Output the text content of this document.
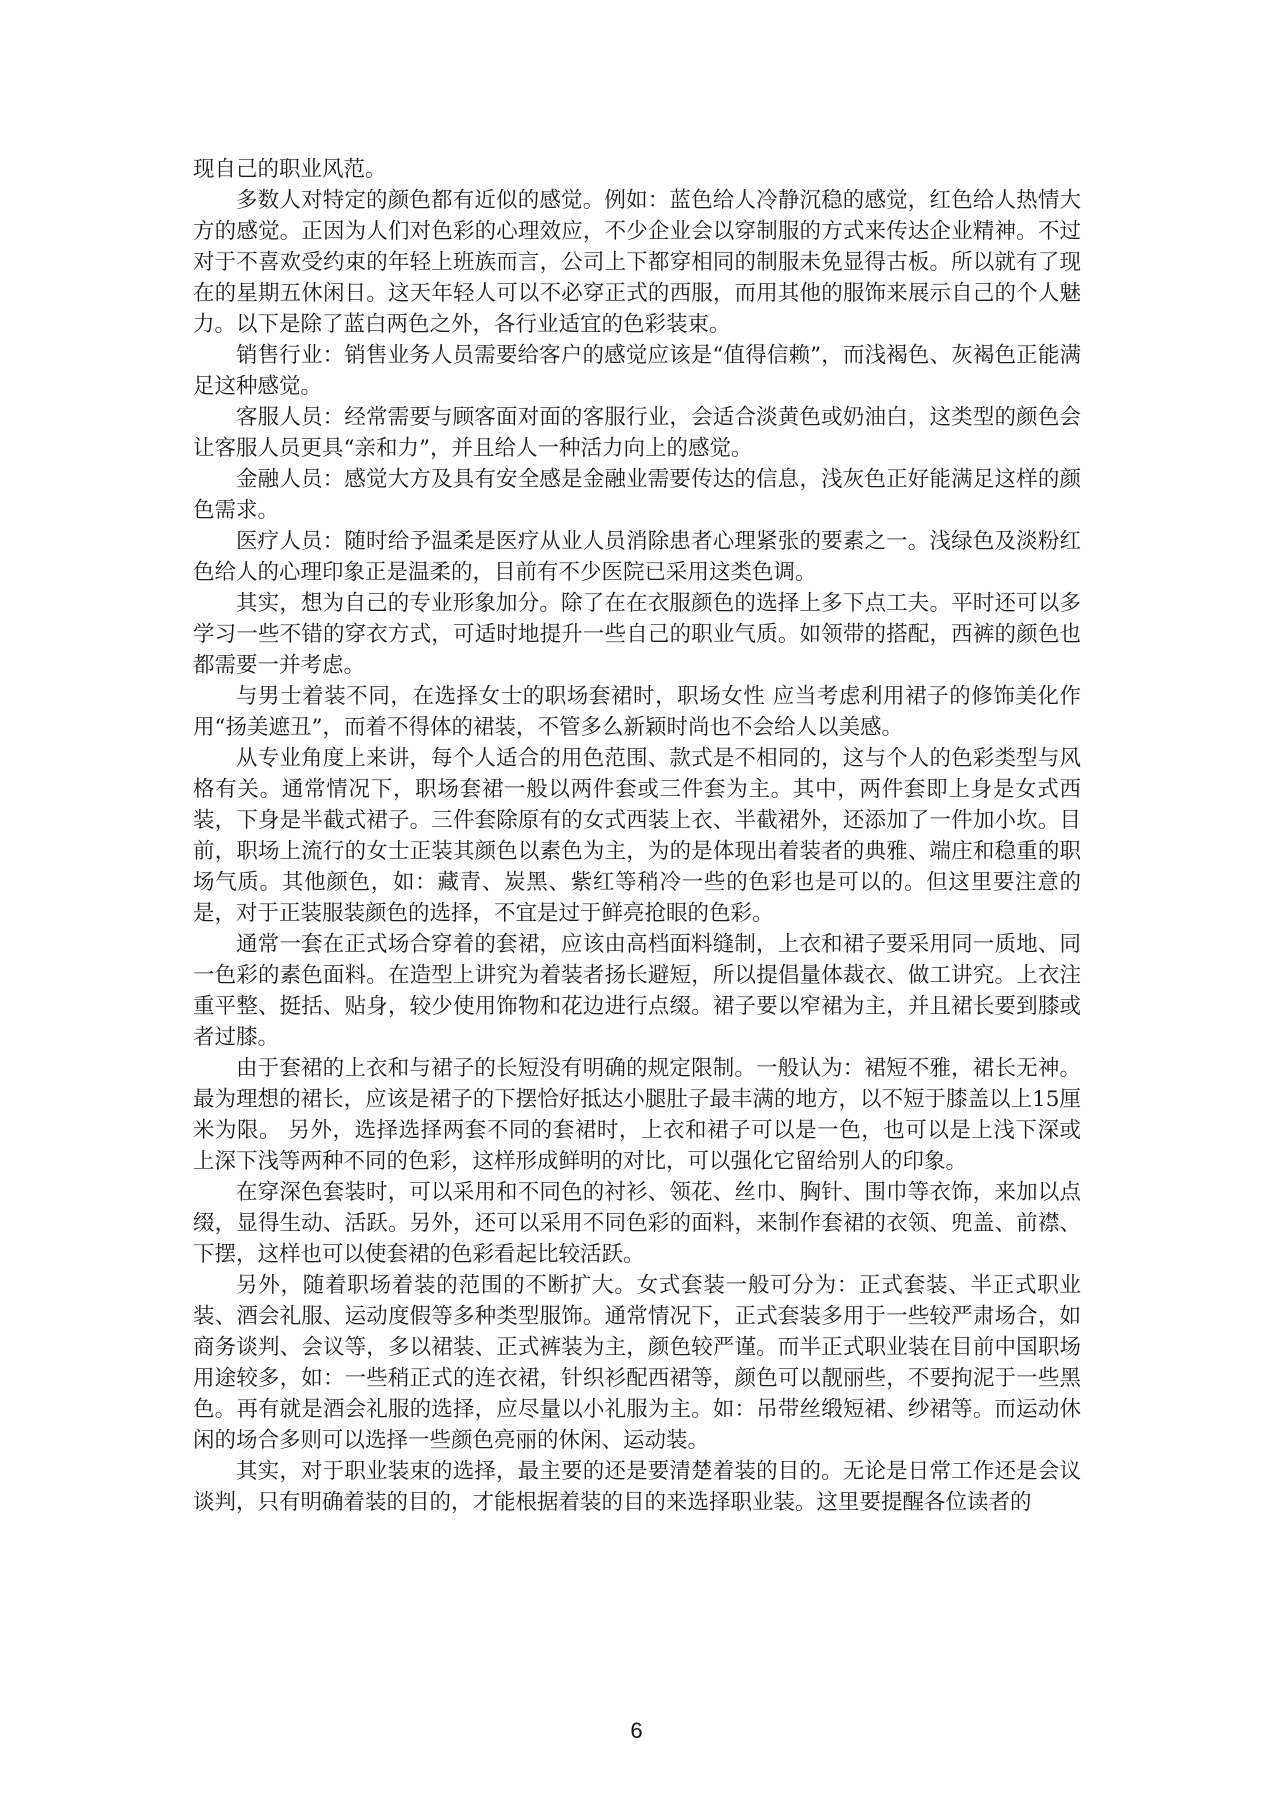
现自己的职业风范。

多数人对特定的颜色都有近似的感觉。例如：蓝色给人冷静沉稳的感觉，红色给人热情大方的感觉。正因为人们对色彩的心理效应，不少企业会以穿制服的方式来传达企业精神。不过对于不喜欢受约束的年轻上班族而言，公司上下都穿相同的制服未免显得古板。所以就有了现在的星期五休闲日。这天年轻人可以不必穿正式的西服，而用其他的服饰来展示自己的个人魅力。以下是除了蓝白两色之外，各行业适宜的色彩装束。

销售行业：销售业务人员需要给客户的感觉应该是“值得信赖”，而浅褐色、灰褐色正能满足这种感觉。

客服人员：经常需要与顾客面对面的客服行业，会适合淡黄色或奶油白，这类型的颜色会让客服人员更具“亲和力”，并且给人一种活力向上的感觉。

金融人员：感觉大方及具有安全感是金融业需要传达的信息，浅灰色正好能满足这样的颜色需求。

医疗人员：随时给予温柔是医疗从业人员消除患者心理紧张的要素之一。浅绿色及淡粉红色给人的心理印象正是温柔的，目前有不少医院已采用这类色调。

其实，想为自己的专业形象加分。除了在在衣服颜色的选择上多下点工夫。平时还可以多学习一些不错的穿衣方式，可适时地提升一些自己的职业气质。如领带的搭配，西裤的颜色也都需要一并考虑。

与男士着装不同，在选择女士的职场套裙时，职场女性 应当考虑利用裙子的修饰美化作用“扬美遮丑”，而着不得体的裙装，不管多么新颖时尚也不会给人以美感。

从专业角度上来讲，每个人适合的用色范围、款式是不相同的，这与个人的色彩类型与风格有关。通常情况下，职场套裙一般以两件套或三件套为主。其中，两件套即上身是女式西装，下身是半截式裙子。三件套除原有的女式西装上衣、半截裙外，还添加了一件加小坎。目前，职场上流行的女士正装其颜色以素色为主，为的是体现出着装者的典雅、端庄和稳重的职场气质。其他颜色，如：藏青、炭黑、紫红等稍冷一些的色彩也是可以的。但这里要注意的是，对于正装服装颜色的选择，不宜是过于鲜亮抢眼的色彩。

通常一套在正式场合穿着的套裙，应该由高档面料缝制，上衣和裙子要采用同一质地、同一色彩的素色面料。在造型上讲究为着装者扬长避短，所以提倡量体裁衣、做工讲究。上衣注重平整、挺括、贴身，较少使用饰物和花边进行点缀。裙子要以窄裙为主，并且裙长要到膝或者过膝。

由于套裙的上衣和与裙子的长短没有明确的规定限制。一般认为：裙短不雅，裙长无神。最为理想的裙长，应该是裙子的下摆恰好抵达小腿肚子最丰满的地方，以不短于膝盖以上15厘米为限。 另外，选择选择两套不同的套裙时，上衣和裙子可以是一色，也可以是上浅下深或上深下浅等两种不同的色彩，这样形成鲜明的对比，可以强化它留给别人的印象。

在穿深色套装时，可以采用和不同色的衬衫、领花、丝巾、胸针、围巾等衣饰，来加以点缀，显得生动、活跃。另外，还可以采用不同色彩的面料，来制作套裙的衣领、兜盖、前襟、下摆，这样也可以使套裙的色彩看起比较活跃。

另外，随着职场着装的范围的不断扩大。女式套装一般可分为：正式套装、半正式职业装、酒会礼服、运动度假等多种类型服饰。通常情况下，正式套装多用于一些较严肃场合，如商务谈判、会议等，多以裙装、正式裤装为主，颜色较严谨。而半正式职业装在目前中国职场用途较多，如：一些稍正式的连衣裙，针织衫配西裙等，颜色可以靓丽些，不要拘泥于一些黑色。再有就是酒会礼服的选择，应尽量以小礼服为主。如：吊带丝缎短裙、纱裙等。而运动休闲的场合多则可以选择一些颜色亮丽的休闲、运动装。

其实，对于职业装束的选择，最主要的还是要清楚着装的目的。无论是日常工作还是会议谈判，只有明确着装的目的，才能根据着装的目的来选择职业装。这里要提醒各位读者的

6
